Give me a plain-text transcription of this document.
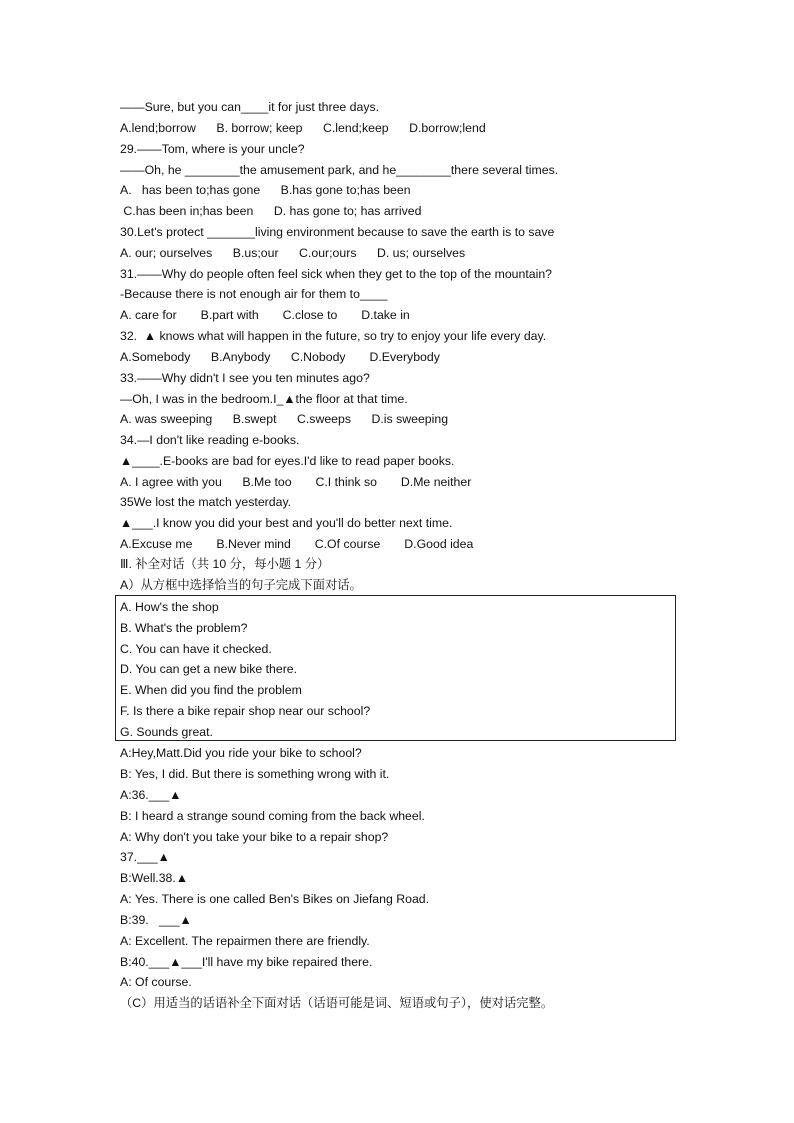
——Sure, but you can____it for just three days.
A.lend;borrow      B. borrow; keep      C.lend;keep      D.borrow;lend
29.——Tom, where is your uncle?
——Oh, he ________the amusement park, and he________there several times.
A.   has been to;has gone      B.has gone to;has been
C.has been in;has been      D. has gone to; has arrived
30.Let's protect _______living environment because to save the earth is to save
A. our; ourselves      B.us;our      C.our;ours      D. us; ourselves
31.——Why do people often feel sick when they get to the top of the mountain?
-Because there is not enough air for them to____
A. care for       B.part with       C.close to       D.take in
32.  ▲ knows what will happen in the future, so try to enjoy your life every day.
A.Somebody      B.Anybody      C.Nobody       D.Everybody
33.——Why didn't I see you ten minutes ago?
—Oh, I was in the bedroom.I_▲the floor at that time.
A. was sweeping      B.swept      C.sweeps      D.is sweeping
34.—I don't like reading e-books.
▲____.E-books are bad for eyes.I'd like to read paper books.
A. I agree with you      B.Me too       C.I think so       D.Me neither
35We lost the match yesterday.
▲___.I know you did your best and you'll do better next time.
A.Excuse me       B.Never mind       C.Of course       D.Good idea
Ⅲ. 补全对话（共 10 分，每小题 1 分）
A）从方框中选择恰当的句子完成下面对话。
A. How's the shop
B. What's the problem?
C. You can have it checked.
D. You can get a new bike there.
E. When did you find the problem
F. Is there a bike repair shop near our school?
G. Sounds great.
A:Hey,Matt.Did you ride your bike to school?
B: Yes, I did. But there is something wrong with it.
A:36.___▲
B: I heard a strange sound coming from the back wheel.
A: Why don't you take your bike to a repair shop?
37.___▲
B:Well.38.▲
A: Yes. There is one called Ben's Bikes on Jiefang Road.
B:39.   ___▲
A: Excellent. The repairmen there are friendly.
B:40.___▲___I'll have my bike repaired there.
A: Of course.
（C）用适当的话语补全下面对话（话语可能是词、短语或句子），使对话完整。
